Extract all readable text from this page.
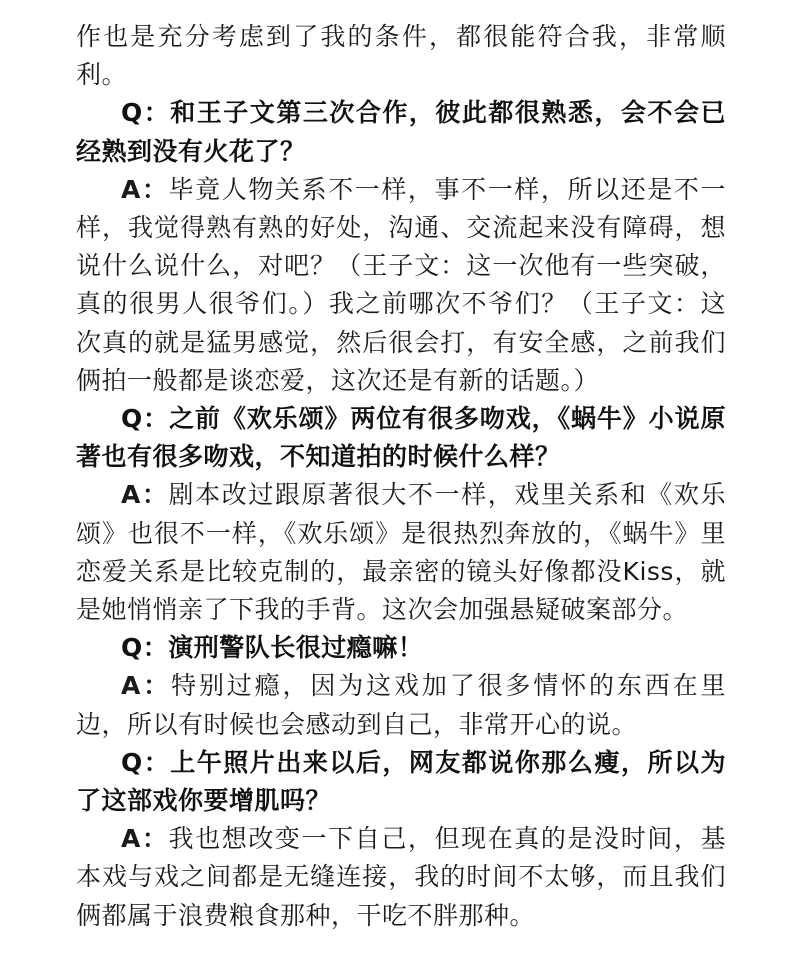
作也是充分考虑到了我的条件，都很能符合我，非常顺利。

Q：和王子文第三次合作，彼此都很熟悉，会不会已经熟到没有火花了？

A：毕竟人物关系不一样，事不一样，所以还是不一样，我觉得熟有熟的好处，沟通、交流起来没有障碍，想说什么说什么，对吧？（王子文：这一次他有一些突破，真的很男人很爷们。）我之前哪次不爷们？（王子文：这次真的就是猛男感觉，然后很会打，有安全感，之前我们俩拍一般都是谈恋爱，这次还是有新的话题。）

Q：之前《欢乐颂》两位有很多吻戏，《蜗牛》小说原著也有很多吻戏，不知道拍的时候什么样？

A：剧本改过跟原著很大不一样，戏里关系和《欢乐颂》也很不一样，《欢乐颂》是很热烈奔放的，《蜗牛》里恋爱关系是比较克制的，最亲密的镜头好像都没Kiss，就是她悄悄亲了下我的手背。这次会加强悬疑破案部分。

Q：演刑警队长很过瘾嘛！

A：特别过瘾，因为这戏加了很多情怀的东西在里边，所以有时候也会感动到自己，非常开心的说。

Q：上午照片出来以后，网友都说你那么瘦，所以为了这部戏你要增肌吗？

A：我也想改变一下自己，但现在真的是没时间，基本戏与戏之间都是无缝连接，我的时间不太够，而且我们俩都属于浪费粮食那种，干吃不胖那种。
